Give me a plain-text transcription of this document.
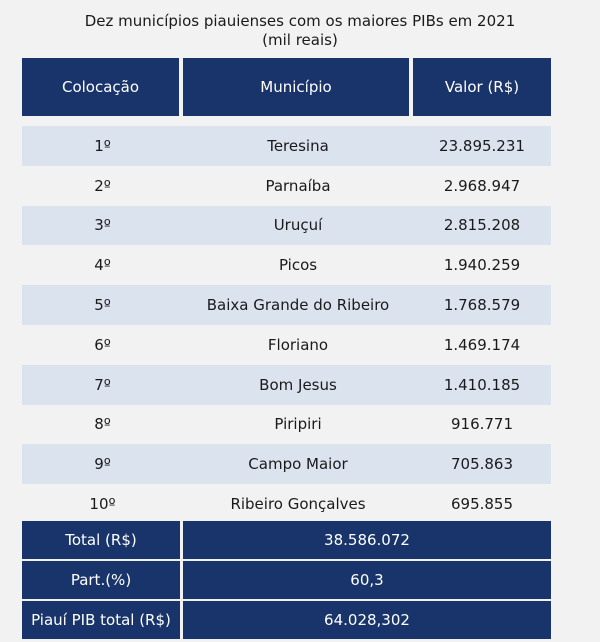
Dez municípios piauienses com os maiores PIBs em 2021
(mil reais)
Colocação	Município	Valor (R$)
1º	Teresina	23.895.231
2º	Parnaíba	2.968.947
3º	Uruçuí	2.815.208
4º	Picos	1.940.259
5º	Baixa Grande do Ribeiro	1.768.579
6º	Floriano	1.469.174
7º	Bom Jesus	1.410.185
8º	Piripiri	916.771
9º	Campo Maior	705.863
10º	Ribeiro Gonçalves	695.855
Total (R$)	38.586.072
Part.(%)	60,3
Piauí PIB total (R$)	64.028,302
